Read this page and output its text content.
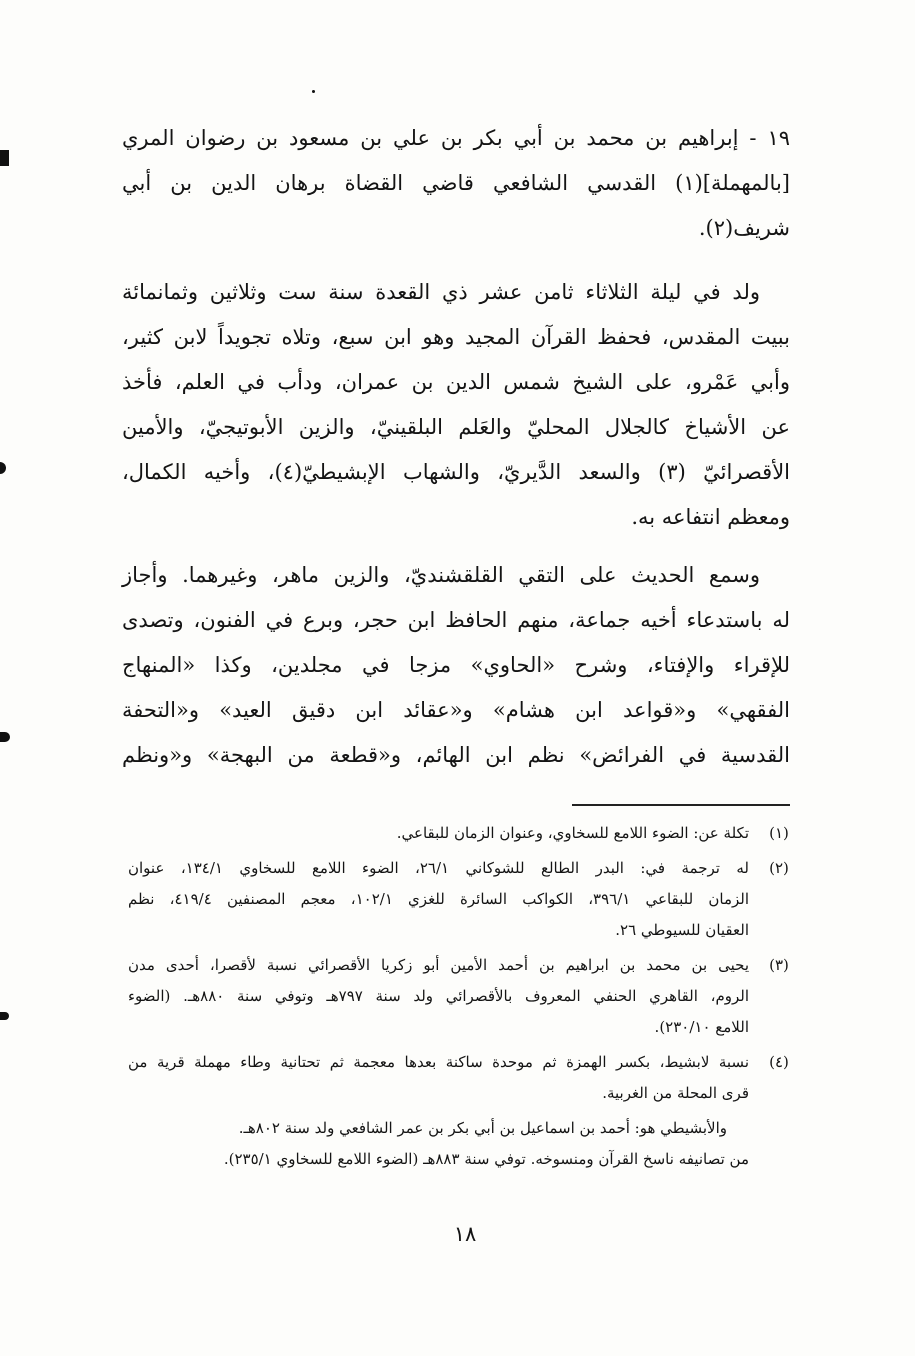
١٩ - إبراهيم بن محمد بن أبي بكر بن علي بن مسعود بن رضوان المري
[بالمهملة](١) القدسي الشافعي قاضي القضاة برهان الدين بن أبي
شريف(٢).
ولد في ليلة الثلاثاء ثامن عشر ذي القعدة سنة ست وثلاثين وثمانمائة
ببيت المقدس، فحفظ القرآن المجيد وهو ابن سبع، وتلاه تجويداً لابن كثير،
وأبي عَمْرو، على الشيخ شمس الدين بن عمران، ودأب في العلم، فأخذ
عن الأشياخ كالجلال المحليّ والعَلم البلقينيّ، والزين الأبوتيجيّ، والأمين
الأقصرائيّ (٣) والسعد الدَّيريّ، والشهاب الإبشيطيّ(٤)، وأخيه الكمال،
ومعظم انتفاعه به.
وسمع الحديث على التقي القلقشنديّ، والزين ماهر، وغيرهما. وأجاز
له باستدعاء أخيه جماعة، منهم الحافظ ابن حجر، وبرع في الفنون، وتصدى
للإقراء والإفتاء، وشرح «الحاوي» مزجا في مجلدين، وكذا «المنهاج
الفقهي» و«قواعد ابن هشام» و«عقائد ابن دقيق العيد» و«التحفة
القدسية في الفرائض» نظم ابن الهائم، و«قطعة من البهجة» و«ونظم
(١)
تكلة عن: الضوء اللامع للسخاوي، وعنوان الزمان للبقاعي.
(٢)
له ترجمة في: البدر الطالع للشوكاني ٢٦/١، الضوء اللامع للسخاوي ١٣٤/١، عنوان
الزمان للبقاعي ٣٩٦/١، الكواكب السائرة للغزي ١٠٢/١، معجم المصنفين ٤١٩/٤، نظم
العقيان للسيوطي ٢٦.
(٣)
يحيى بن محمد بن ابراهيم بن أحمد الأمين أبو زكريا الأقصرائي نسبة لأقصرا، أحدى مدن
الروم، القاهري الحنفي المعروف بالأقصرائي ولد سنة ٧٩٧هـ وتوفي سنة ٨٨٠هـ. (الضوء
اللامع ٢٣٠/١٠).
(٤)
نسبة لابشيط، بكسر الهمزة ثم موحدة ساكنة بعدها معجمة ثم تحتانية وطاء مهملة قرية من
قرى المحلة من الغربية.
والأبشيطي هو: أحمد بن اسماعيل بن أبي بكر بن عمر الشافعي ولد سنة ٨٠٢هـ.
من تصانيفه ناسخ القرآن ومنسوخه. توفي سنة ٨٨٣هـ (الضوء اللامع للسخاوي ٢٣٥/١).
١٨
